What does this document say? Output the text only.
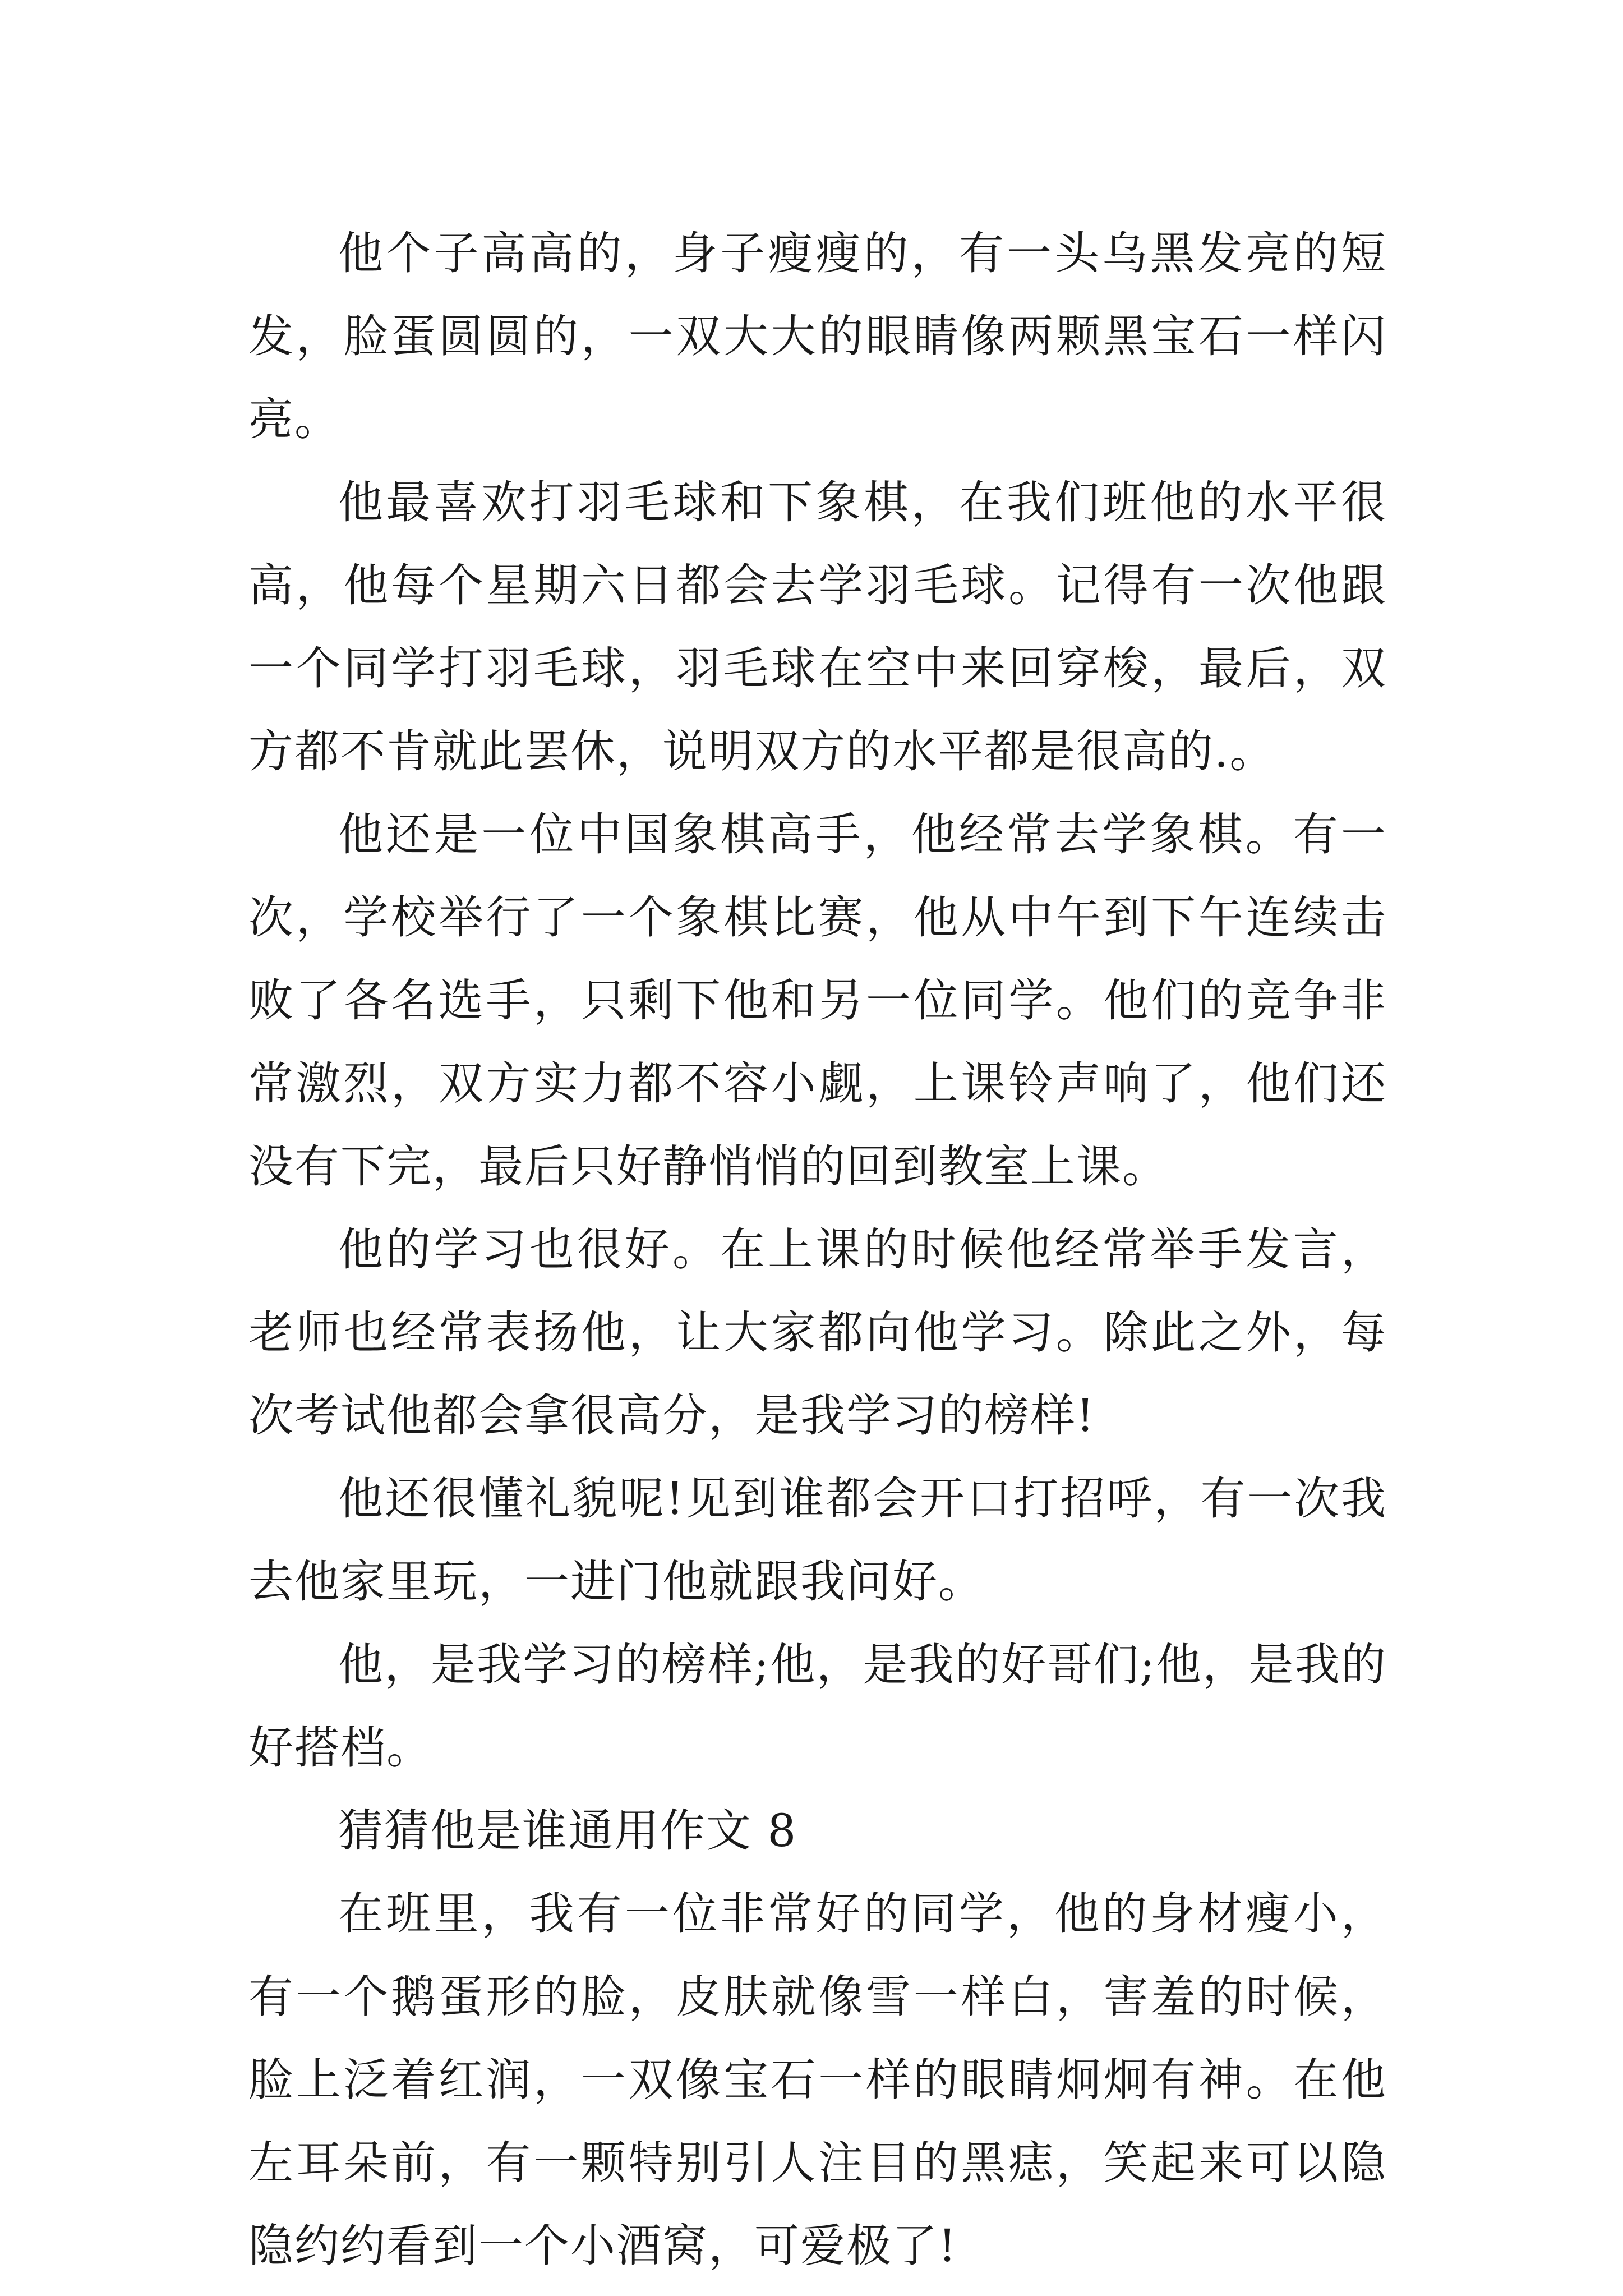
他个子高高的，身子瘦瘦的，有一头乌黑发亮的短发，脸蛋圆圆的，一双大大的眼睛像两颗黑宝石一样闪亮。

他最喜欢打羽毛球和下象棋，在我们班他的水平很高，他每个星期六日都会去学羽毛球。记得有一次他跟一个同学打羽毛球，羽毛球在空中来回穿梭，最后，双方都不肯就此罢休，说明双方的水平都是很高的.。

他还是一位中国象棋高手，他经常去学象棋。有一次，学校举行了一个象棋比赛，他从中午到下午连续击败了各名选手，只剩下他和另一位同学。他们的竞争非常激烈，双方实力都不容小觑，上课铃声响了，他们还没有下完，最后只好静悄悄的回到教室上课。

他的学习也很好。在上课的时候他经常举手发言，老师也经常表扬他，让大家都向他学习。除此之外，每次考试他都会拿很高分，是我学习的榜样!

他还很懂礼貌呢!见到谁都会开口打招呼，有一次我去他家里玩，一进门他就跟我问好。

他，是我学习的榜样;他，是我的好哥们;他，是我的好搭档。

猜猜他是谁通用作文 8

在班里，我有一位非常好的同学，他的身材瘦小，有一个鹅蛋形的脸，皮肤就像雪一样白，害羞的时候，脸上泛着红润，一双像宝石一样的眼睛炯炯有神。在他左耳朵前，有一颗特别引人注目的黑痣，笑起来可以隐隐约约看到一个小酒窝，可爱极了!
